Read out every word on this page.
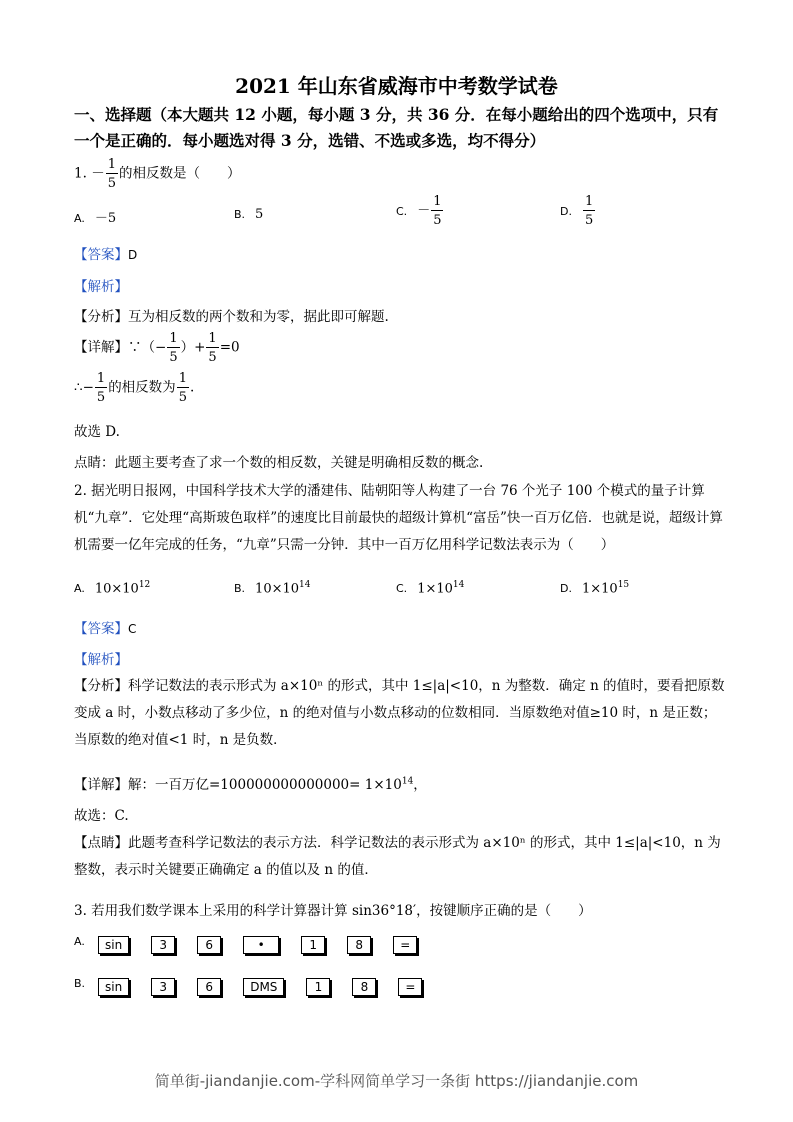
2021 年山东省威海市中考数学试卷
一、选择题（本大题共 12 小题，每小题 3 分，共 36 分．在每小题给出的四个选项中，只有一个是正确的．每小题选对得 3 分，选错、不选或多选，均不得分）
1. － $\frac{1}{5}$ 的相反数是（　　）
A. －5	B. 5	C. － $\frac{1}{5}$	D. $\frac{1}{5}$
【答案】D
【解析】
【分析】互为相反数的两个数和为零，据此即可解题.
【详解】∵（− $\frac{1}{5}$ ）+ $\frac{1}{5} =0$
∴− $\frac{1}{5}$ 的相反数为 $\frac{1}{5}$ .
故选 D.
点睛：此题主要考查了求一个数的相反数，关键是明确相反数的概念.
2. 据光明日报网，中国科学技术大学的潘建伟、陆朝阳等人构建了一台 76 个光子 100 个模式的量子计算机“九章”．它处理“高斯玻色取样”的速度比目前最快的超级计算机“富岳”快一百万亿倍．也就是说，超级计算机需要一亿年完成的任务，“九章”只需一分钟．其中一百万亿用科学记数法表示为（　　）
A. $10\times 10^{12}$	B. $10\times 10^{14}$	C. $1\times 10^{14}$	D. $1\times 10^{15}$
【答案】C
【解析】
【分析】科学记数法的表示形式为 a×10ⁿ 的形式，其中 1≤|a|<10，n 为整数．确定 n 的值时，要看把原数变成 a 时，小数点移动了多少位，n 的绝对值与小数点移动的位数相同．当原数绝对值≥10 时，n 是正数；当原数的绝对值<1 时，n 是负数．
【详解】解：一百万亿$=100000000000000= 1\times 10^{14}$，
故选：C.
【点睛】此题考查科学记数法的表示方法．科学记数法的表示形式为 a×10ⁿ 的形式，其中 1≤|a|<10，n 为整数，表示时关键要正确确定 a 的值以及 n 的值．
3. 若用我们数学课本上采用的科学计算器计算 sin36°18′，按键顺序正确的是（　　）
A.	sin	3	6	•	1	8	=
B.	sin	3	6	DMS	1	8	=
简单街-jiandanjie.com-学科网简单学习一条街 https://jiandanjie.com
